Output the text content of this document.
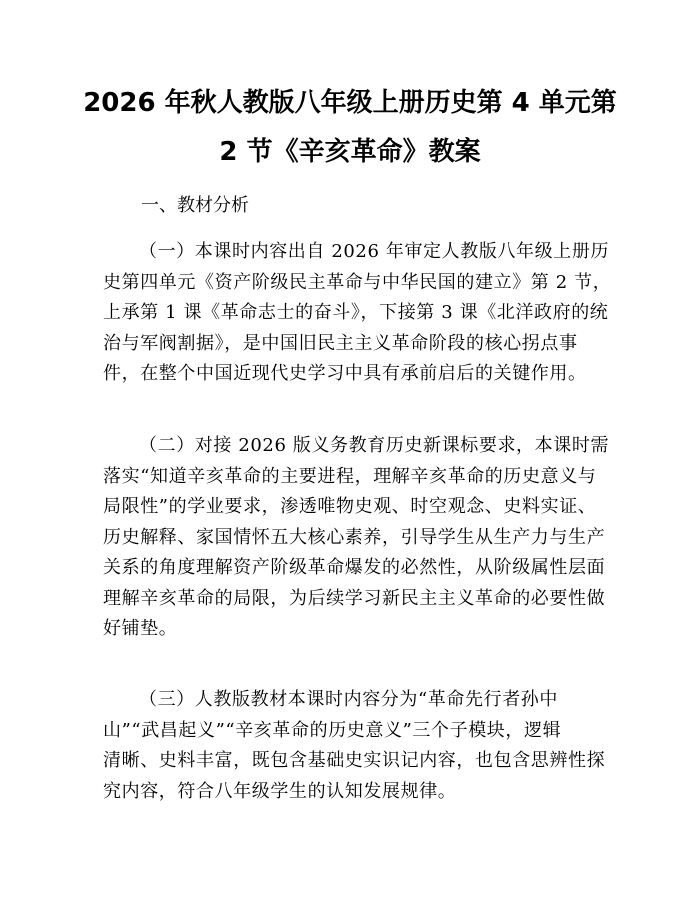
2026 年秋人教版八年级上册历史第 4 单元第
2 节《辛亥革命》教案

一、教材分析

（一）本课时内容出自 2026 年审定人教版八年级上册历
史第四单元《资产阶级民主革命与中华民国的建立》第 2 节，
上承第 1 课《革命志士的奋斗》，下接第 3 课《北洋政府的统
治与军阀割据》，是中国旧民主主义革命阶段的核心拐点事
件，在整个中国近现代史学习中具有承前启后的关键作用。

（二）对接 2026 版义务教育历史新课标要求，本课时需
落实“知道辛亥革命的主要进程，理解辛亥革命的历史意义与
局限性”的学业要求，渗透唯物史观、时空观念、史料实证、
历史解释、家国情怀五大核心素养，引导学生从生产力与生产
关系的角度理解资产阶级革命爆发的必然性，从阶级属性层面
理解辛亥革命的局限，为后续学习新民主主义革命的必要性做
好铺垫。

（三）人教版教材本课时内容分为“革命先行者孙中
山”“武昌起义”“辛亥革命的历史意义”三个子模块，逻辑
清晰、史料丰富，既包含基础史实识记内容，也包含思辨性探
究内容，符合八年级学生的认知发展规律。
